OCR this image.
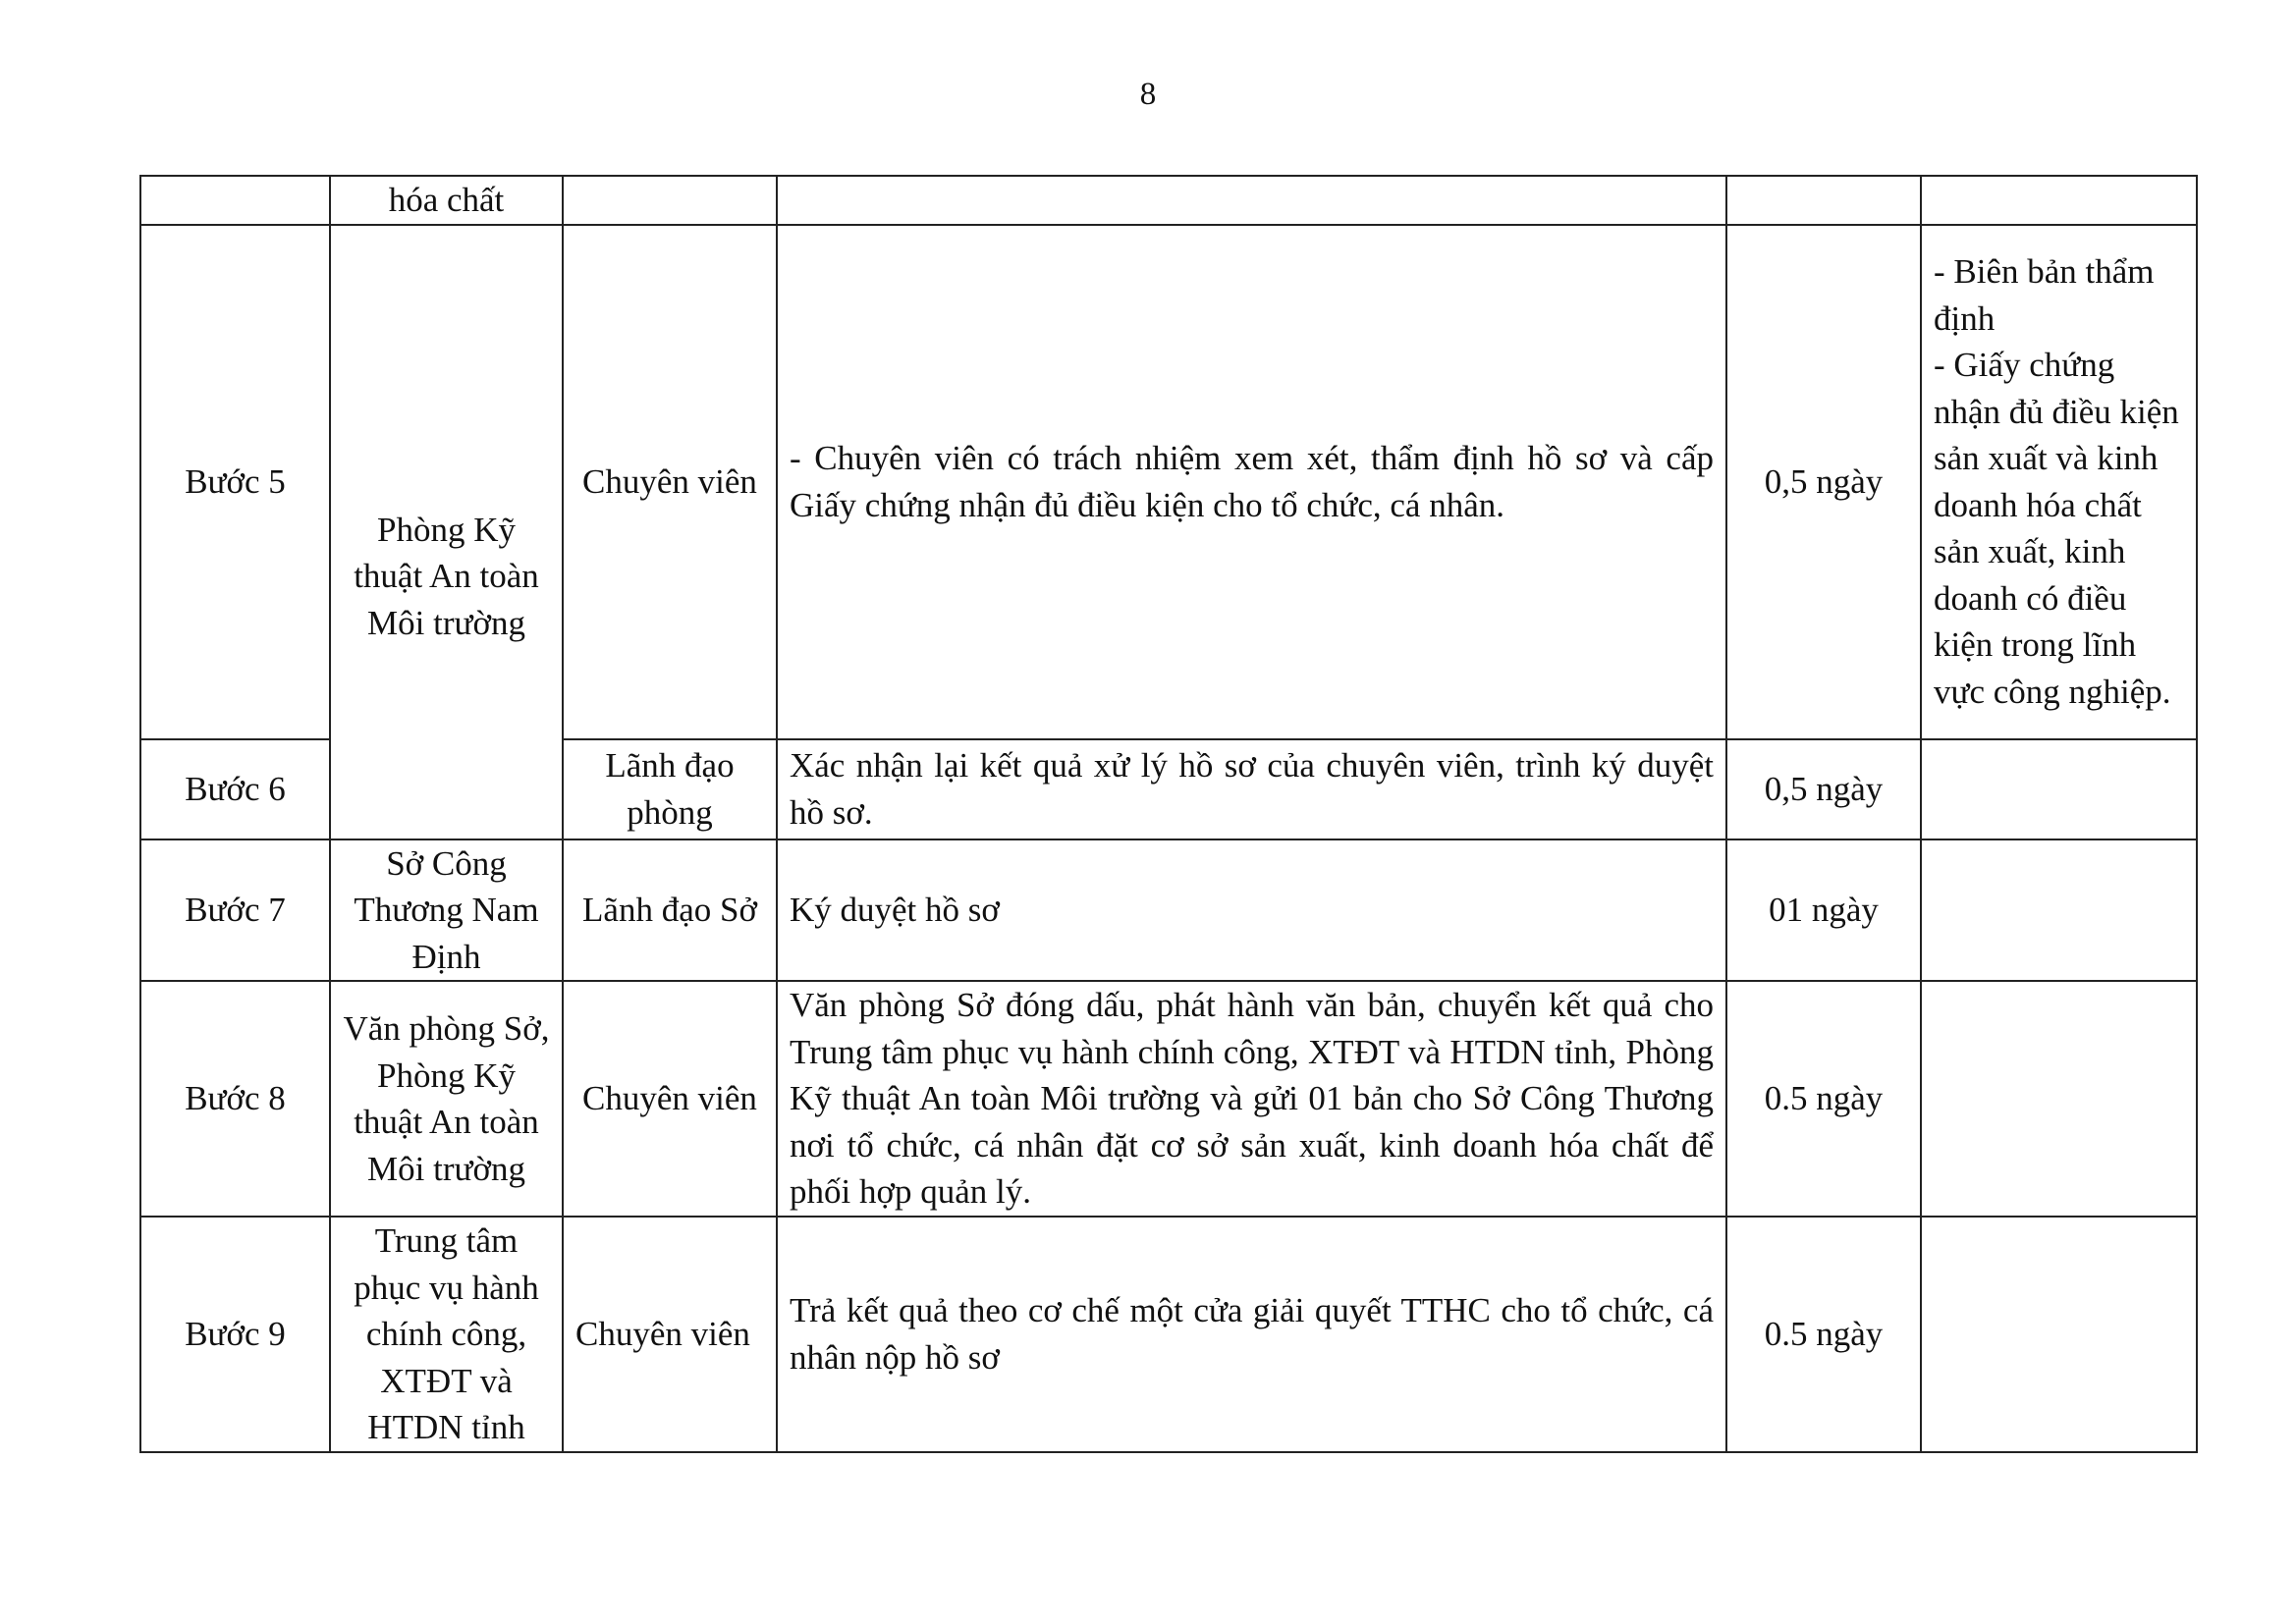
8
	hóa chất				
Bước 5	Phòng Kỹ thuật An toàn Môi trường	Chuyên viên	- Chuyên viên có trách nhiệm xem xét, thẩm định hồ sơ và cấp Giấy chứng nhận đủ điều kiện cho tổ chức, cá nhân.	0,5 ngày	- Biên bản thẩm định
- Giấy chứng nhận đủ điều kiện sản xuất và kinh doanh hóa chất sản xuất, kinh doanh có điều kiện trong lĩnh vực công nghiệp.

Bước 6		Lãnh đạo phòng	Xác nhận lại kết quả xử lý hồ sơ của chuyên viên, trình ký duyệt hồ sơ.	0,5 ngày	
Bước 7	Sở Công Thương Nam Định	Lãnh đạo Sở	Ký duyệt hồ sơ	01 ngày	
Bước 8	Văn phòng Sở, Phòng Kỹ thuật An toàn Môi trường	Chuyên viên	Văn phòng Sở đóng dấu, phát hành văn bản, chuyển kết quả cho Trung tâm phục vụ hành chính công, XTĐT và HTDN tỉnh, Phòng Kỹ thuật An toàn Môi trường và gửi 01 bản cho Sở Công Thương nơi tổ chức, cá nhân đặt cơ sở sản xuất, kinh doanh hóa chất để phối hợp quản lý.	0.5 ngày	
Bước 9	Trung tâm phục vụ hành chính công, XTĐT và HTDN tỉnh	Chuyên viên	Trả kết quả theo cơ chế một cửa giải quyết TTHC cho tổ chức, cá nhân nộp hồ sơ	0.5 ngày	
